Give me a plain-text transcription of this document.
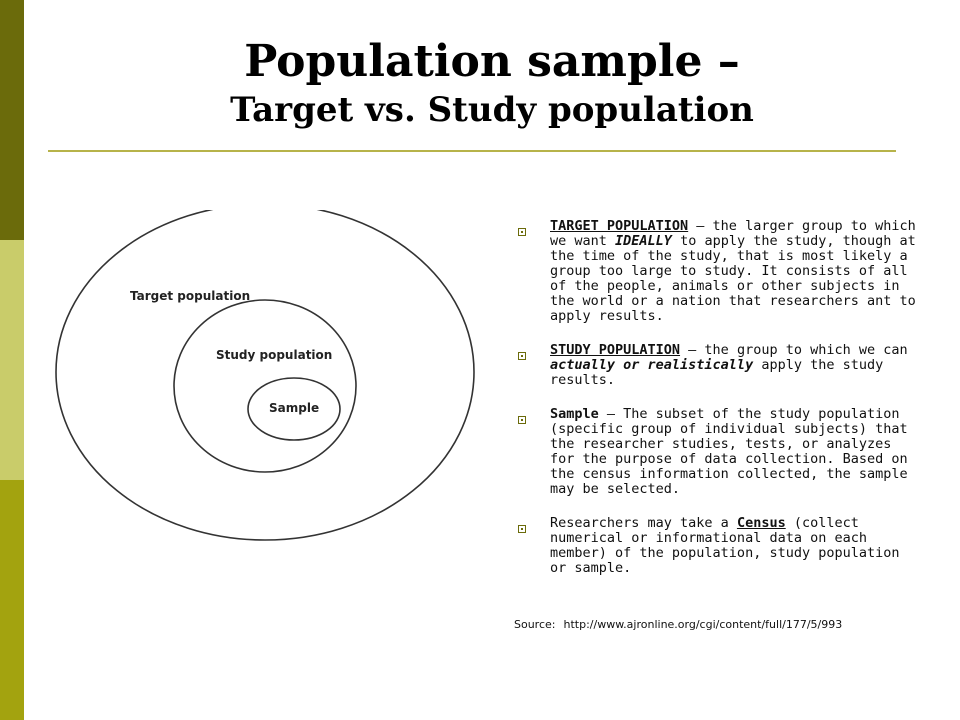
Population sample –
Target vs. Study population
Target population
Study population
Sample
TARGET POPULATION – the larger group to which we want IDEALLY to apply the study, though at the time of the study, that is most likely a group too large to study. It consists of all of the people, animals or other subjects in the world or a nation that researchers ant to apply results.
STUDY POPULATION – the group to which we can actually or realistically apply the study results.
Sample – The subset of the study population (specific group of individual subjects) that the researcher studies, tests, or analyzes for the purpose of data collection. Based on the census information collected, the sample may be selected.
Researchers may take a Census (collect numerical or informational data on each member) of the population, study population or sample.
Source: http://www.ajronline.org/cgi/content/full/177/5/993
